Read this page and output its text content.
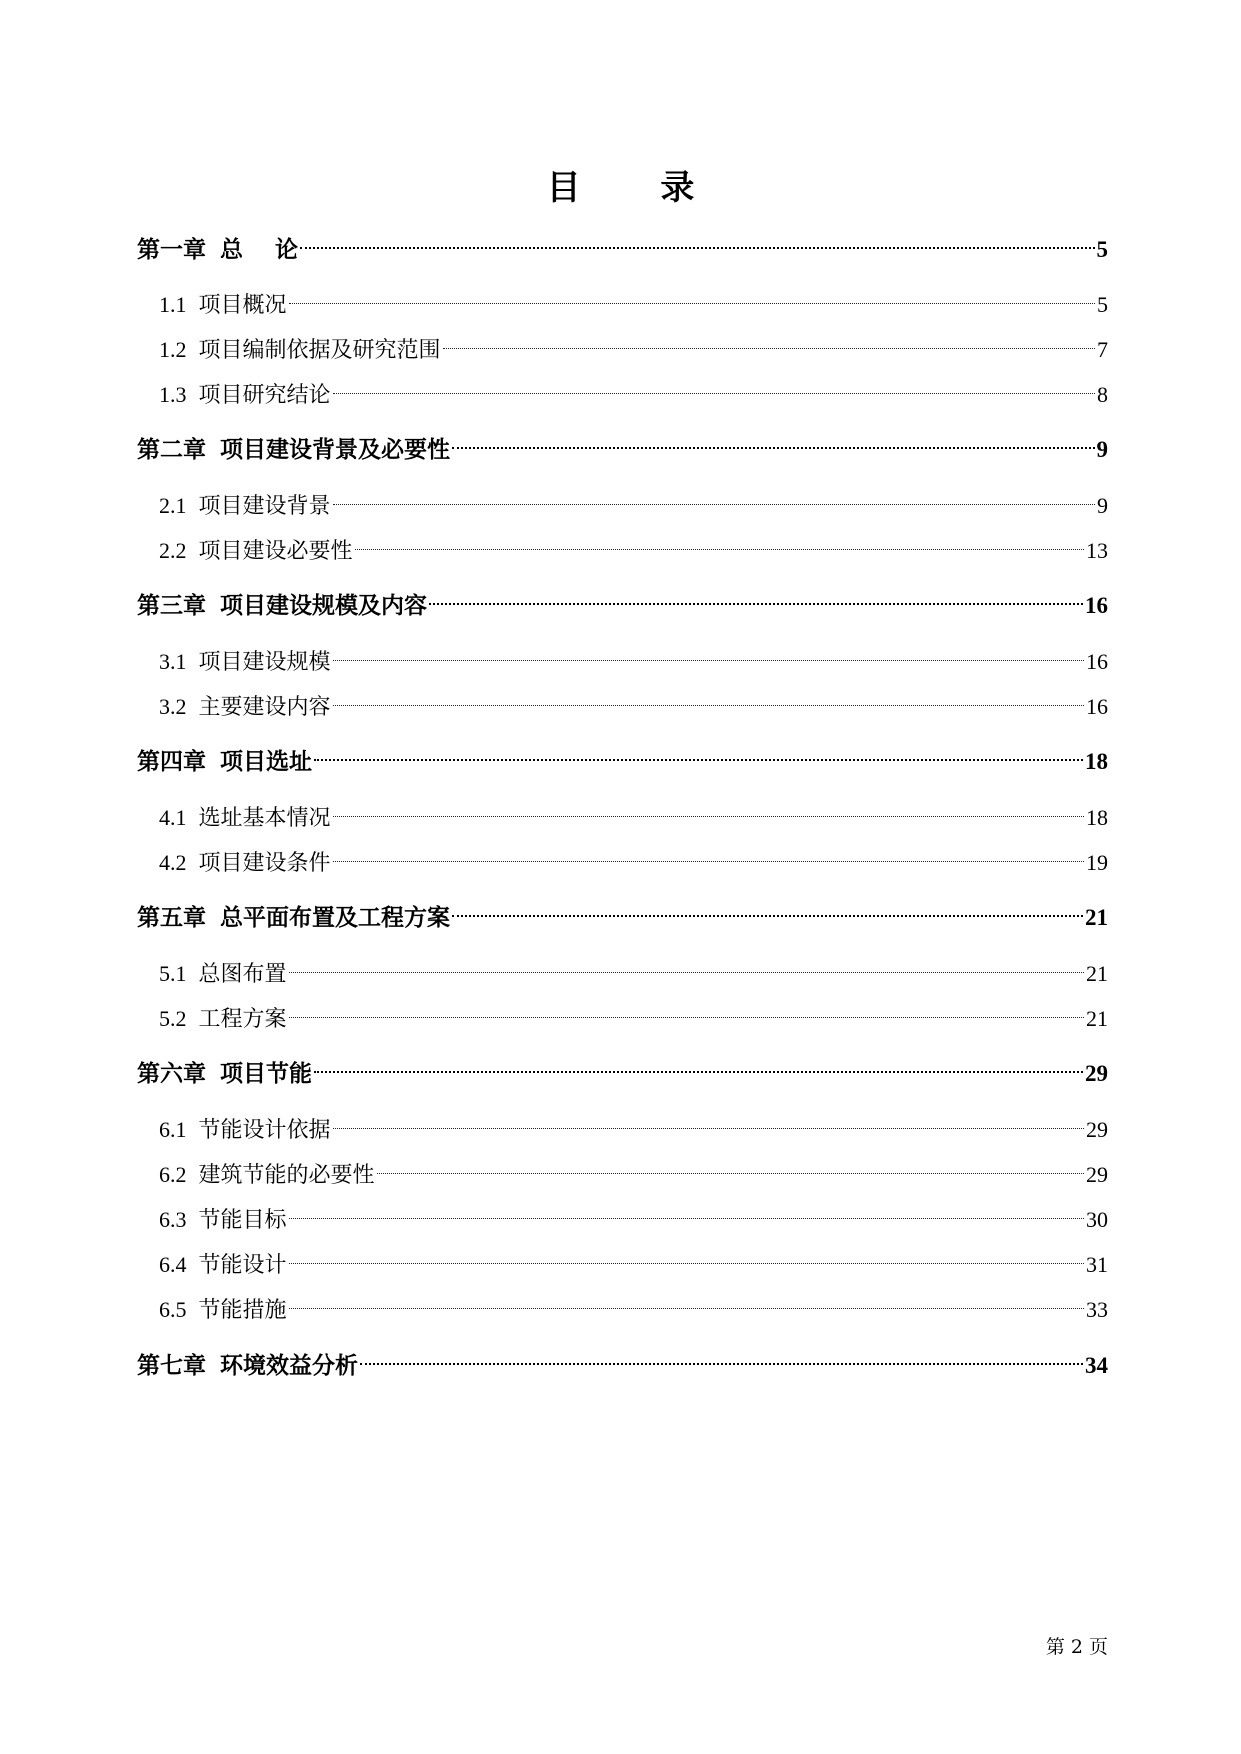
目 录
第一章 总    论	5
1.1 项目概况	5
1.2 项目编制依据及研究范围	7
1.3 项目研究结论	8
第二章 项目建设背景及必要性	9
2.1 项目建设背景	9
2.2 项目建设必要性	13
第三章 项目建设规模及内容	16
3.1 项目建设规模	16
3.2 主要建设内容	16
第四章 项目选址	18
4.1 选址基本情况	18
4.2 项目建设条件	19
第五章 总平面布置及工程方案	21
5.1 总图布置	21
5.2 工程方案	21
第六章 项目节能	29
6.1 节能设计依据	29
6.2 建筑节能的必要性	29
6.3 节能目标	30
6.4 节能设计	31
6.5 节能措施	33
第七章 环境效益分析	34
第 2 页
